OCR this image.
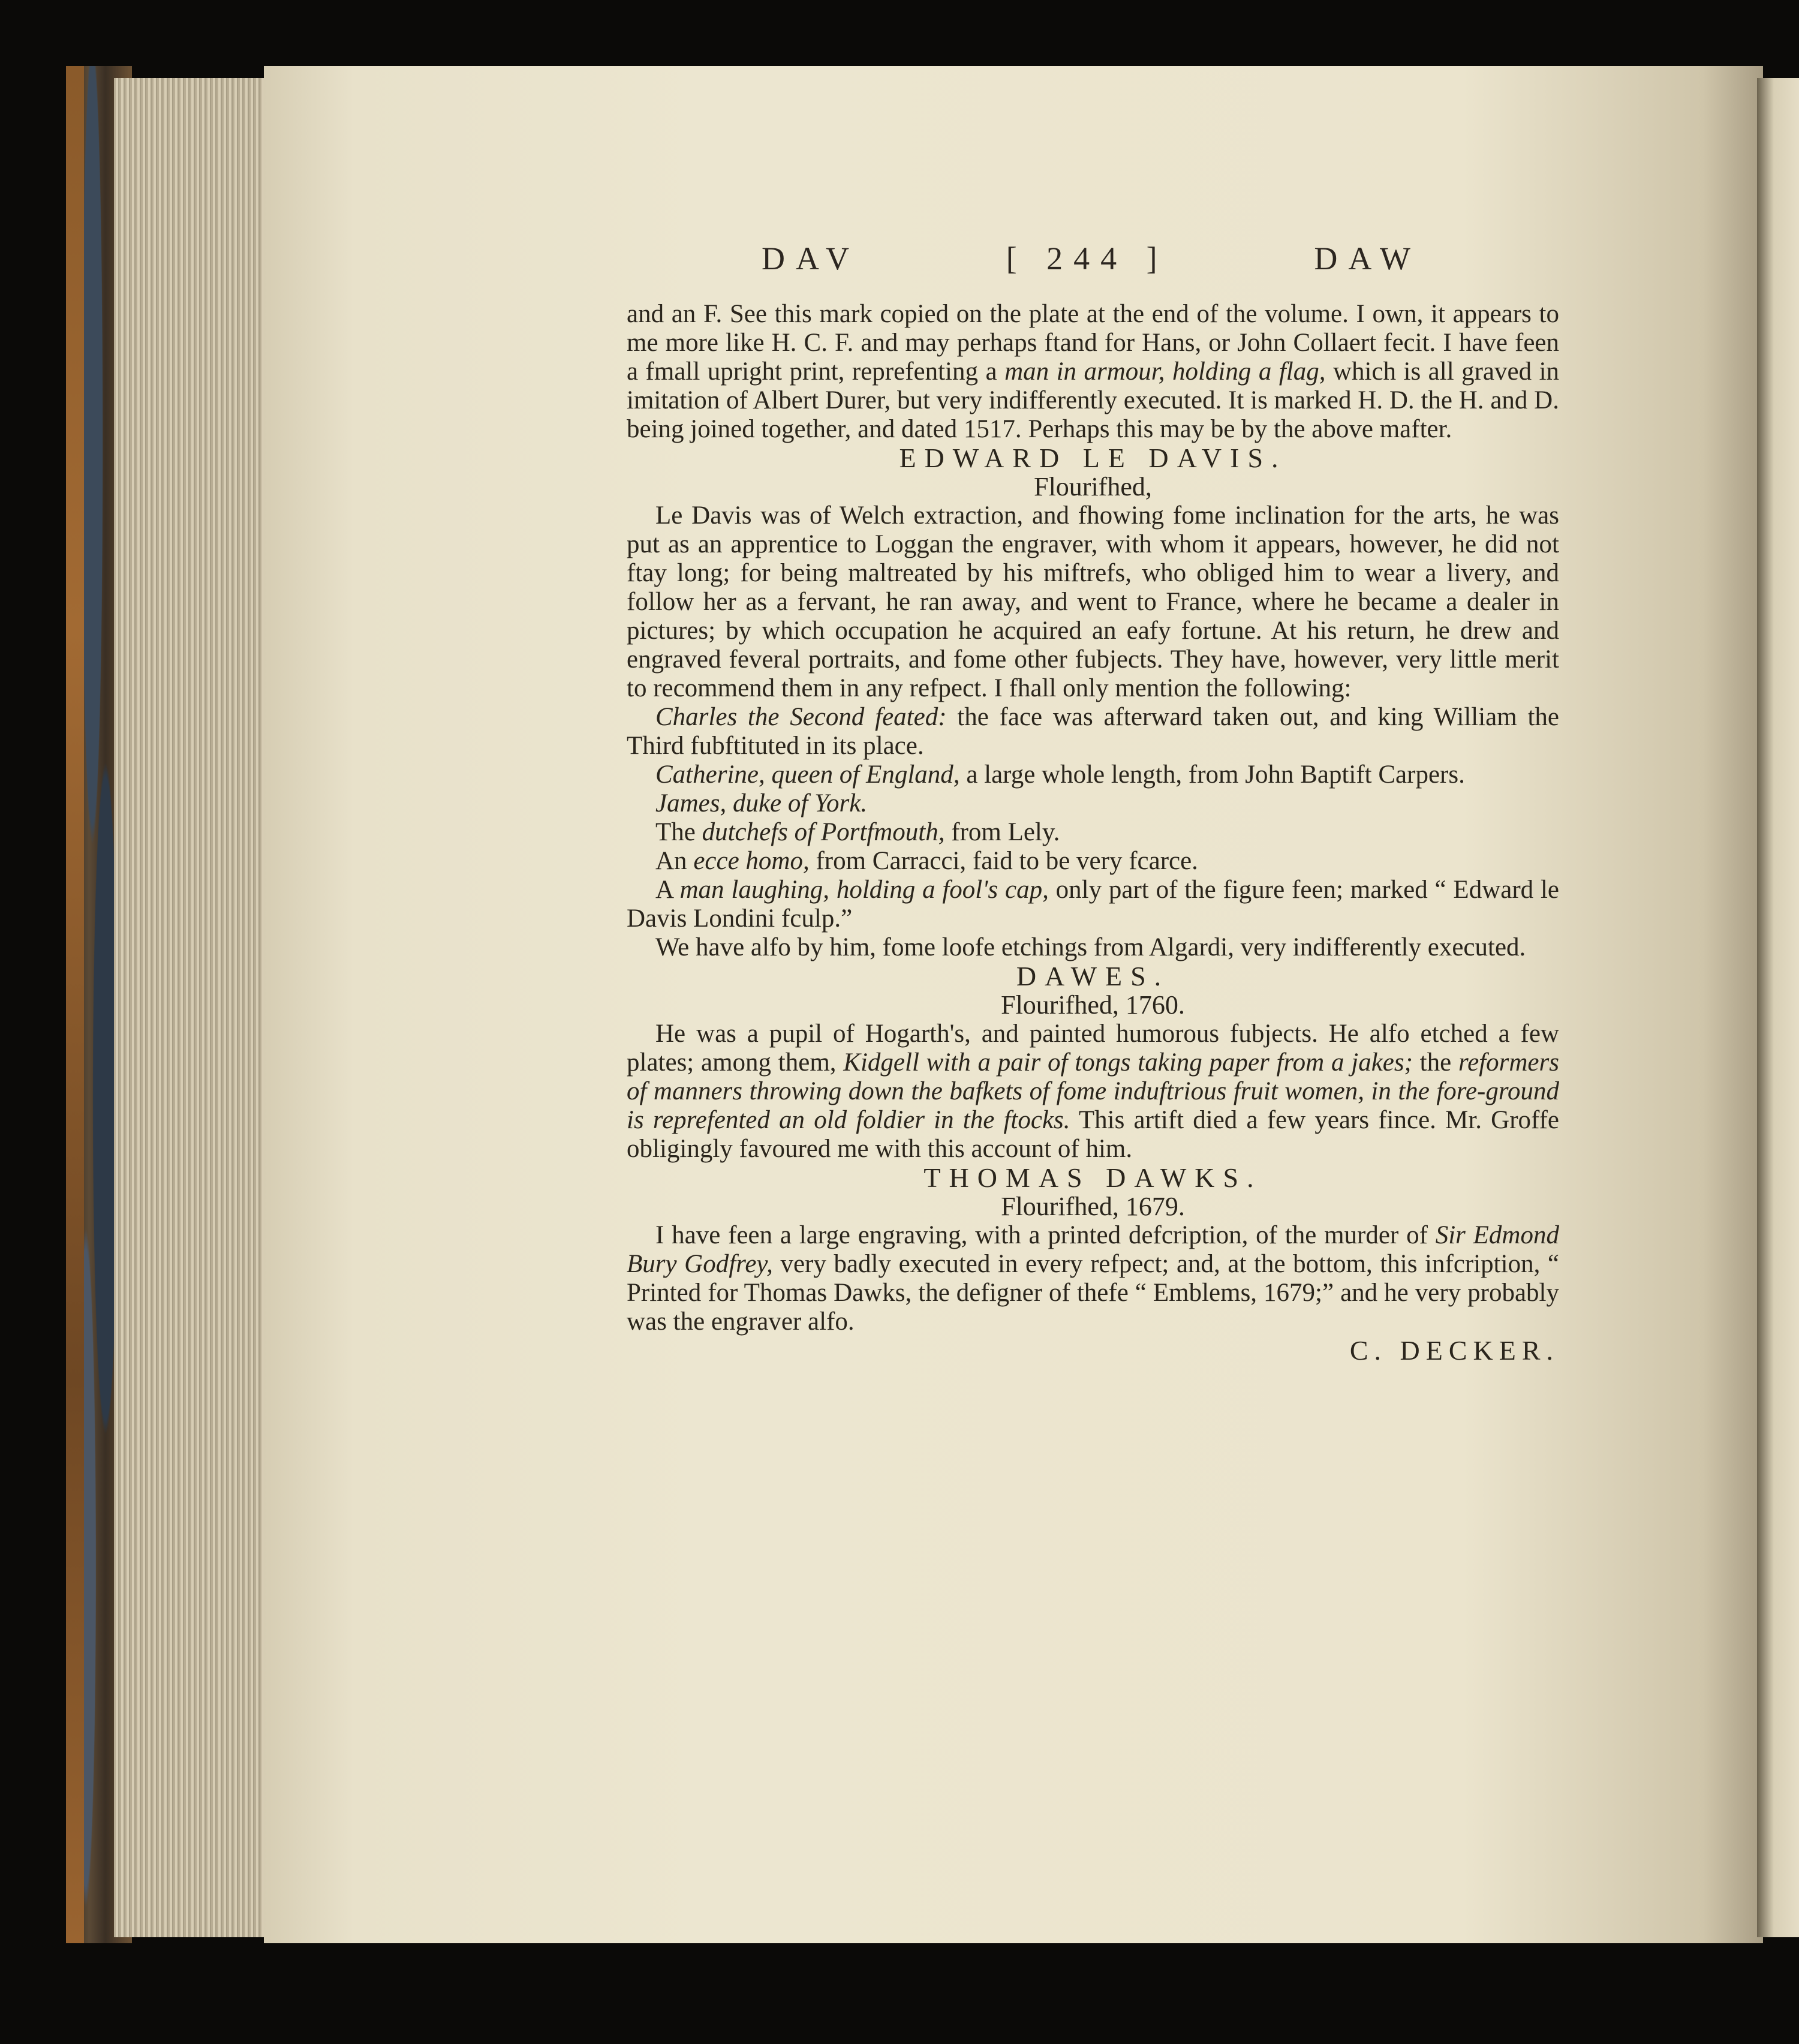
DAV	[ 244 ]	DAW

and an F. See this mark copied on the plate at the end of the volume. I own, it appears to me more like H. C. F. and may perhaps ftand for Hans, or John Collaert fecit. I have feen a fmall upright print, reprefenting a man in armour, holding a flag, which is all graved in imitation of Albert Durer, but very indifferently executed. It is marked H. D. the H. and D. being joined together, and dated 1517. Perhaps this may be by the above mafter.

EDWARD LE DAVIS.

Flourifhed,

Le Davis was of Welch extraction, and fhowing fome inclination for the arts, he was put as an apprentice to Loggan the engraver, with whom it appears, however, he did not ftay long; for being maltreated by his miftrefs, who obliged him to wear a livery, and follow her as a fervant, he ran away, and went to France, where he became a dealer in pictures; by which occupation he acquired an eafy fortune. At his return, he drew and engraved feveral portraits, and fome other fubjects. They have, however, very little merit to recommend them in any refpect. I fhall only mention the following:

Charles the Second feated: the face was afterward taken out, and king William the Third fubftituted in its place.

Catherine, queen of England, a large whole length, from John Baptift Carpers.

James, duke of York.

The dutchefs of Portfmouth, from Lely.

An ecce homo, from Carracci, faid to be very fcarce.

A man laughing, holding a fool's cap, only part of the figure feen; marked “ Edward le Davis Londini fculp.”

We have alfo by him, fome loofe etchings from Algardi, very indifferently executed.

DAWES.

Flourifhed, 1760.

He was a pupil of Hogarth's, and painted humorous fubjects. He alfo etched a few plates; among them, Kidgell with a pair of tongs taking paper from a jakes; the reformers of manners throwing down the bafkets of fome induftrious fruit women, in the fore-ground is reprefented an old foldier in the ftocks. This artift died a few years fince. Mr. Groffe obligingly favoured me with this account of him.

THOMAS DAWKS.

Flourifhed, 1679.

I have feen a large engraving, with a printed defcription, of the murder of Sir Edmond Bury Godfrey, very badly executed in every refpect; and, at the bottom, this infcription, “ Printed for Thomas Dawks, the defigner of thefe “ Emblems, 1679;” and he very probably was the engraver alfo.

C. DECKER.
